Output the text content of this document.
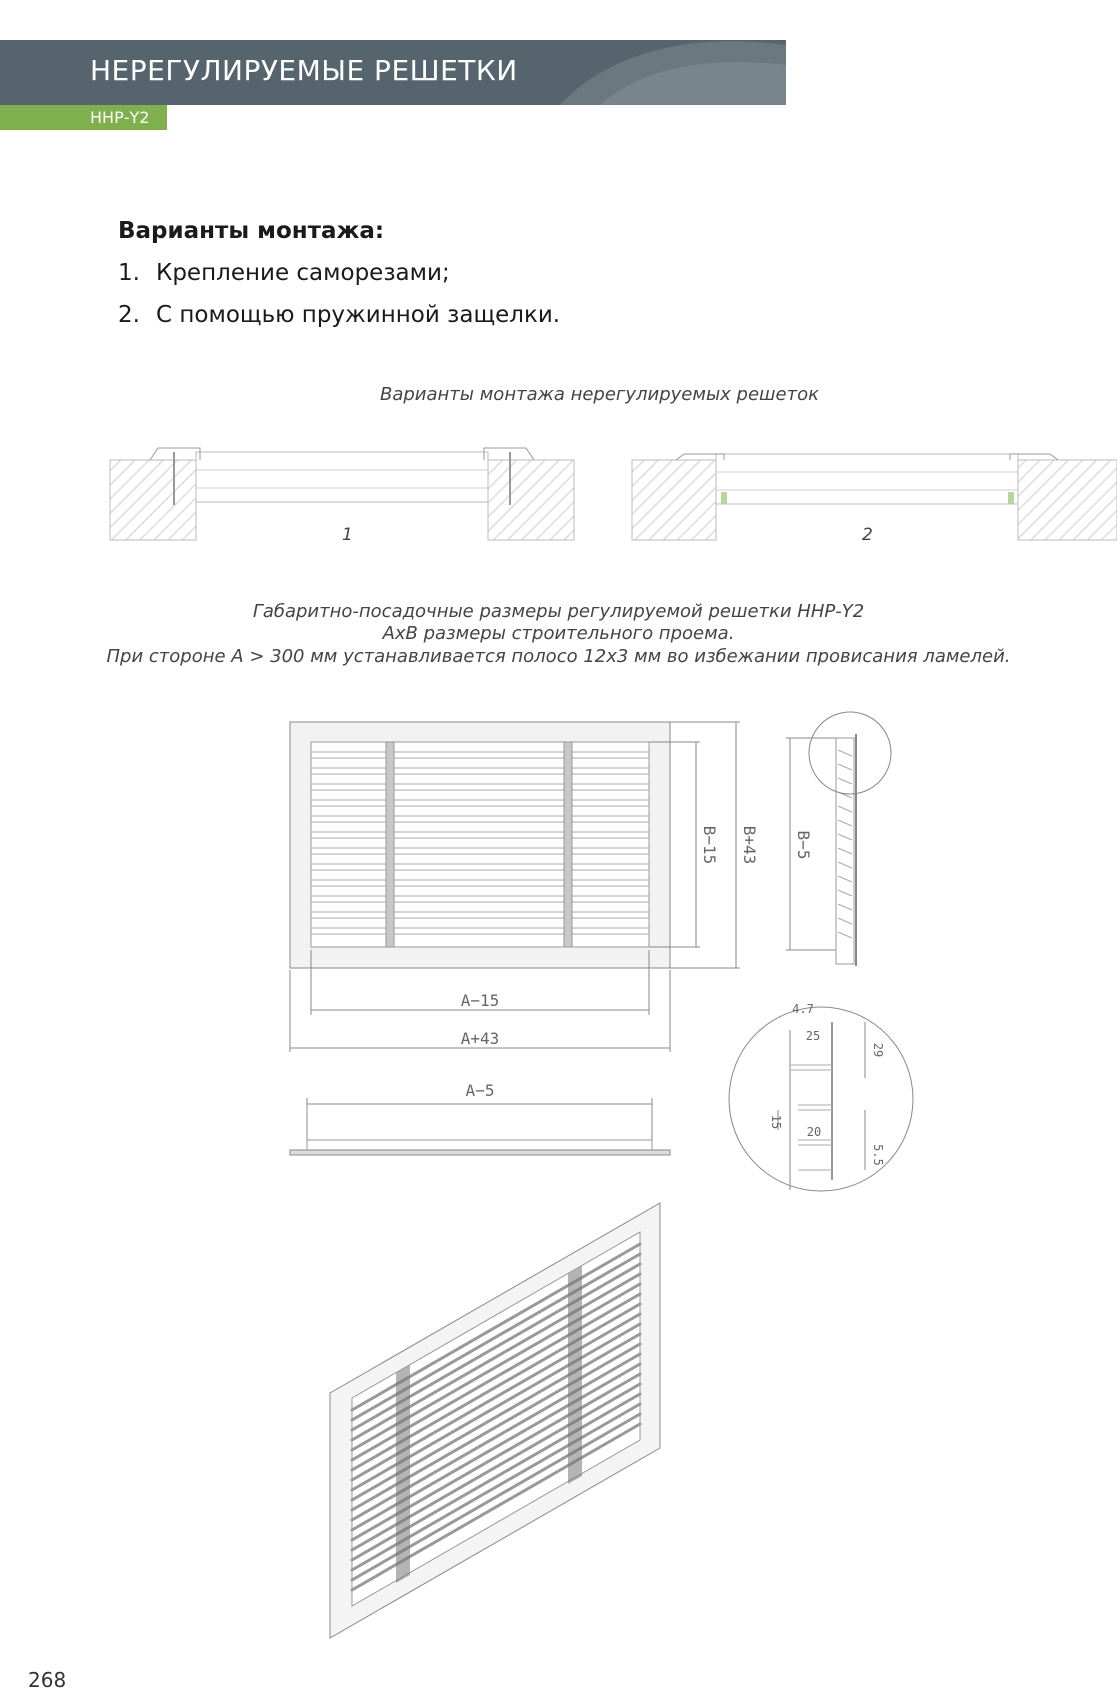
НЕРЕГУЛИРУЕМЫЕ РЕШЕТКИ
ННР-Y2
Варианты монтажа:
1. Крепление саморезами;
2. С помощью пружинной защелки.
Варианты монтажа нерегулируемых решеток
Габаритно-посадочные размеры регулируемой решетки ННР-Y2
АхВ размеры строительного проема.
При стороне А > 300 мм устанавливается полосо 12х3 мм во избежании провисания ламелей.
1	2
A−15
A+43
B−15 B+43 B−5
4.7
25
29
15
20
5.5
A−5
268
